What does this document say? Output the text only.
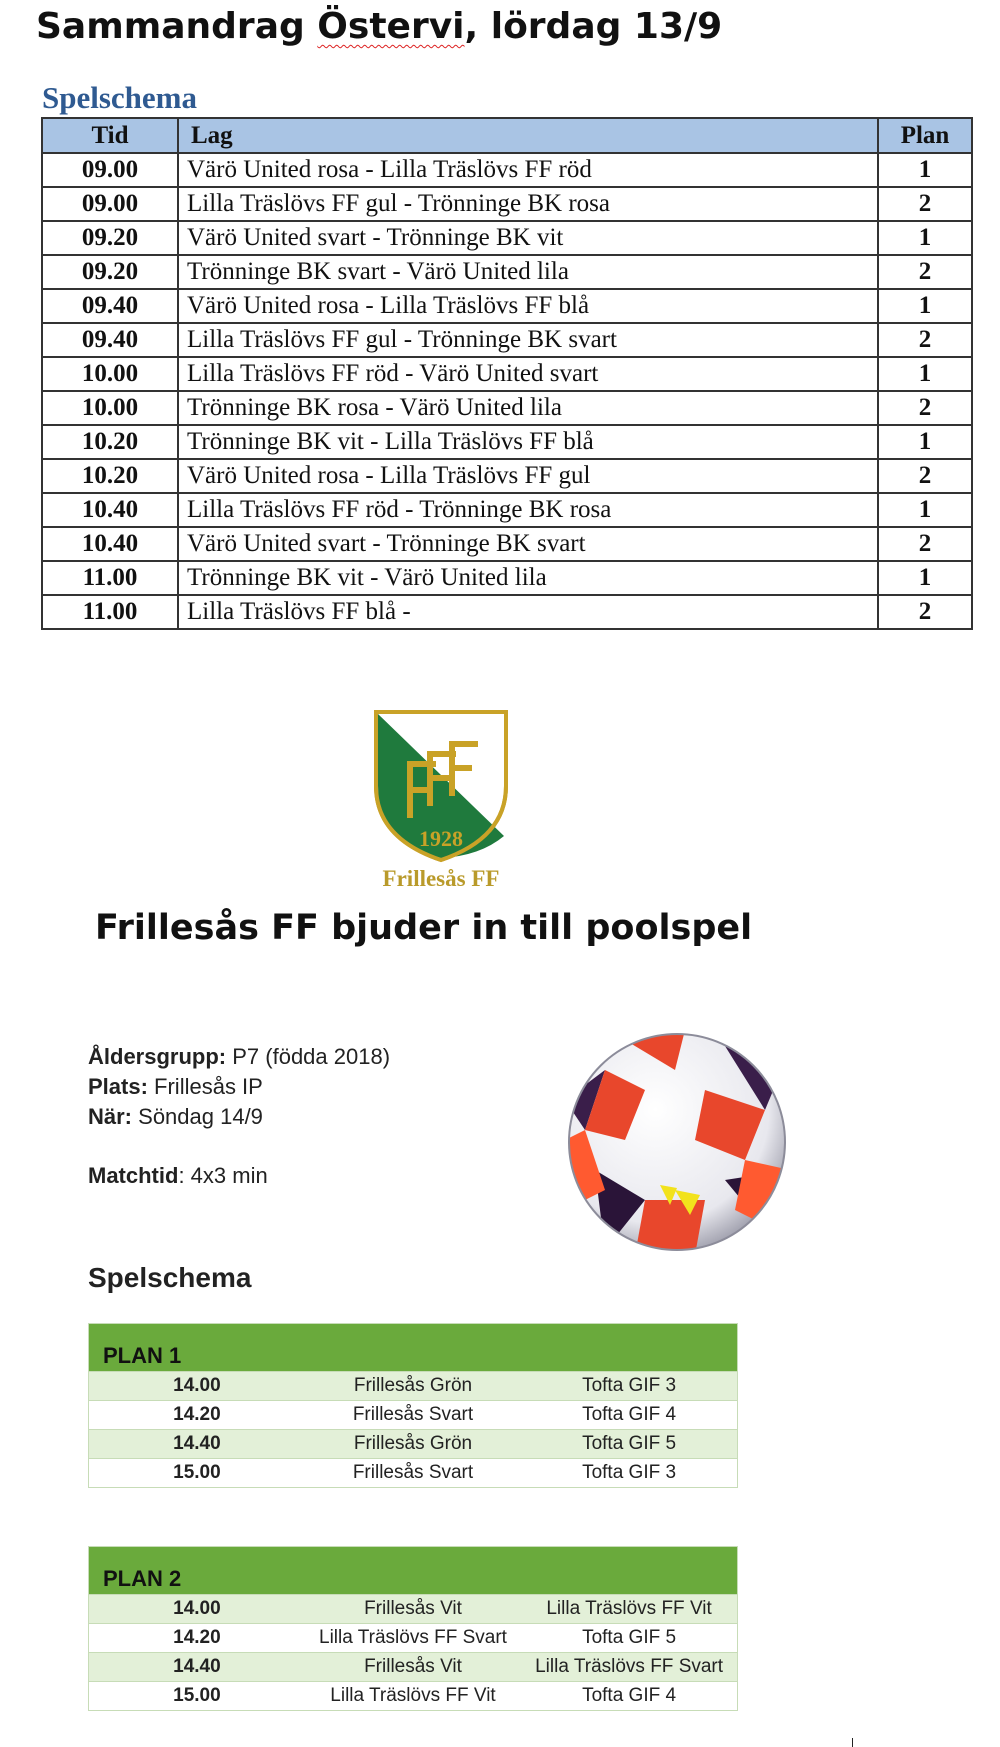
Sammandrag Östervi, lördag 13/9
Spelschema
Tid	Lag	Plan
09.00	Värö United rosa - Lilla Träslövs FF röd	1
09.00	Lilla Träslövs FF gul - Trönninge BK rosa	2
09.20	Värö United svart - Trönninge BK vit	1
09.20	Trönninge BK svart - Värö United lila	2
09.40	Värö United rosa - Lilla Träslövs FF blå	1
09.40	Lilla Träslövs FF gul - Trönninge BK svart	2
10.00	Lilla Träslövs FF röd - Värö United svart	1
10.00	Trönninge BK rosa - Värö United lila	2
10.20	Trönninge BK vit - Lilla Träslövs FF blå	1
10.20	Värö United rosa - Lilla Träslövs FF gul	2
10.40	Lilla Träslövs FF röd - Trönninge BK rosa	1
10.40	Värö United svart - Trönninge BK svart	2
11.00	Trönninge BK vit - Värö United lila	1
11.00	Lilla Träslövs FF blå -	2
1928
Frillesås FF
Frillesås FF bjuder in till poolspel
Åldersgrupp: P7 (födda 2018)
Plats: Frillesås IP
När: Söndag 14/9
Matchtid: 4x3 min
Spelschema
PLAN 1		
14.00	Frillesås Grön	Tofta GIF 3
14.20	Frillesås Svart	Tofta GIF 4
14.40	Frillesås Grön	Tofta GIF 5
15.00	Frillesås Svart	Tofta GIF 3
PLAN 2		
14.00	Frillesås Vit	Lilla Träslövs FF Vit
14.20	Lilla Träslövs FF Svart	Tofta GIF 5
14.40	Frillesås Vit	Lilla Träslövs FF Svart
15.00	Lilla Träslövs FF Vit	Tofta GIF 4
